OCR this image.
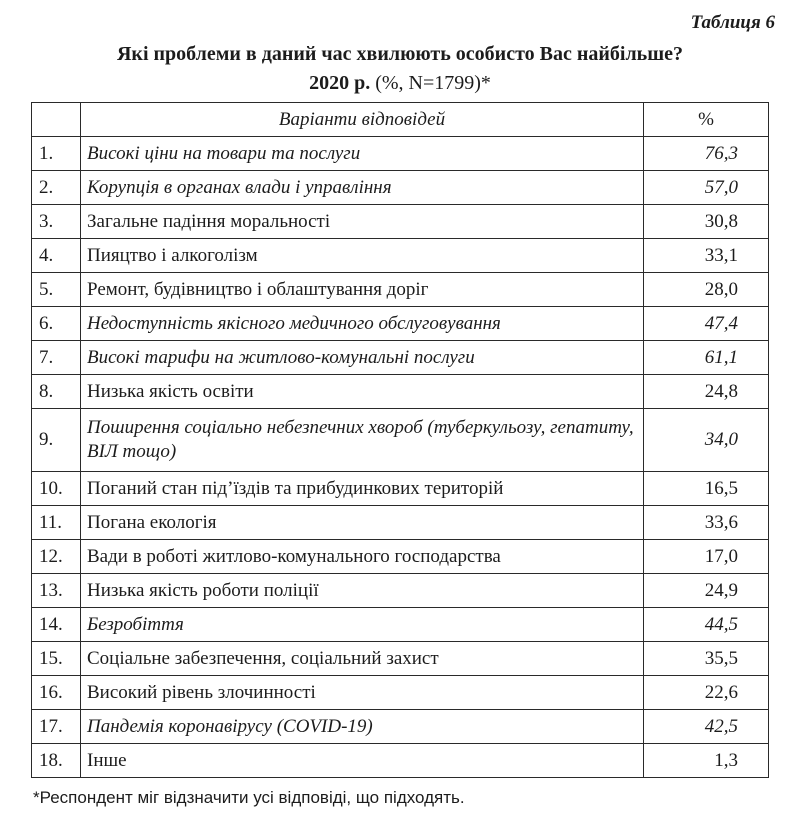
Таблиця 6
Які проблеми в даний час хвилюють особисто Вас найбільше?
2020 р. (%, N=1799)*
	Варіанти відповідей	%
1.	Високі ціни на товари та послуги	76,3
2.	Корупція в органах влади і управління	57,0
3.	Загальне падіння моральності	30,8
4.	Пияцтво і алкоголізм	33,1
5.	Ремонт, будівництво і облаштування доріг	28,0
6.	Недоступність якісного медичного обслуговування	47,4
7.	Високі тарифи на житлово-комунальні послуги	61,1
8.	Низька якість освіти	24,8
9.	Поширення соціально небезпечних хвороб (туберкульозу, гепатиту, ВІЛ тощо)	34,0
10.	Поганий стан під’їздів та прибудинкових територій	16,5
11.	Погана екологія	33,6
12.	Вади в роботі житлово-комунального господарства	17,0
13.	Низька якість роботи поліції	24,9
14.	Безробіття	44,5
15.	Соціальне забезпечення, соціальний захист	35,5
16.	Високий рівень злочинності	22,6
17.	Пандемія коронавірусу (COVID-19)	42,5
18.	Інше	1,3
*Респондент міг відзначити усі відповіді, що підходять.
